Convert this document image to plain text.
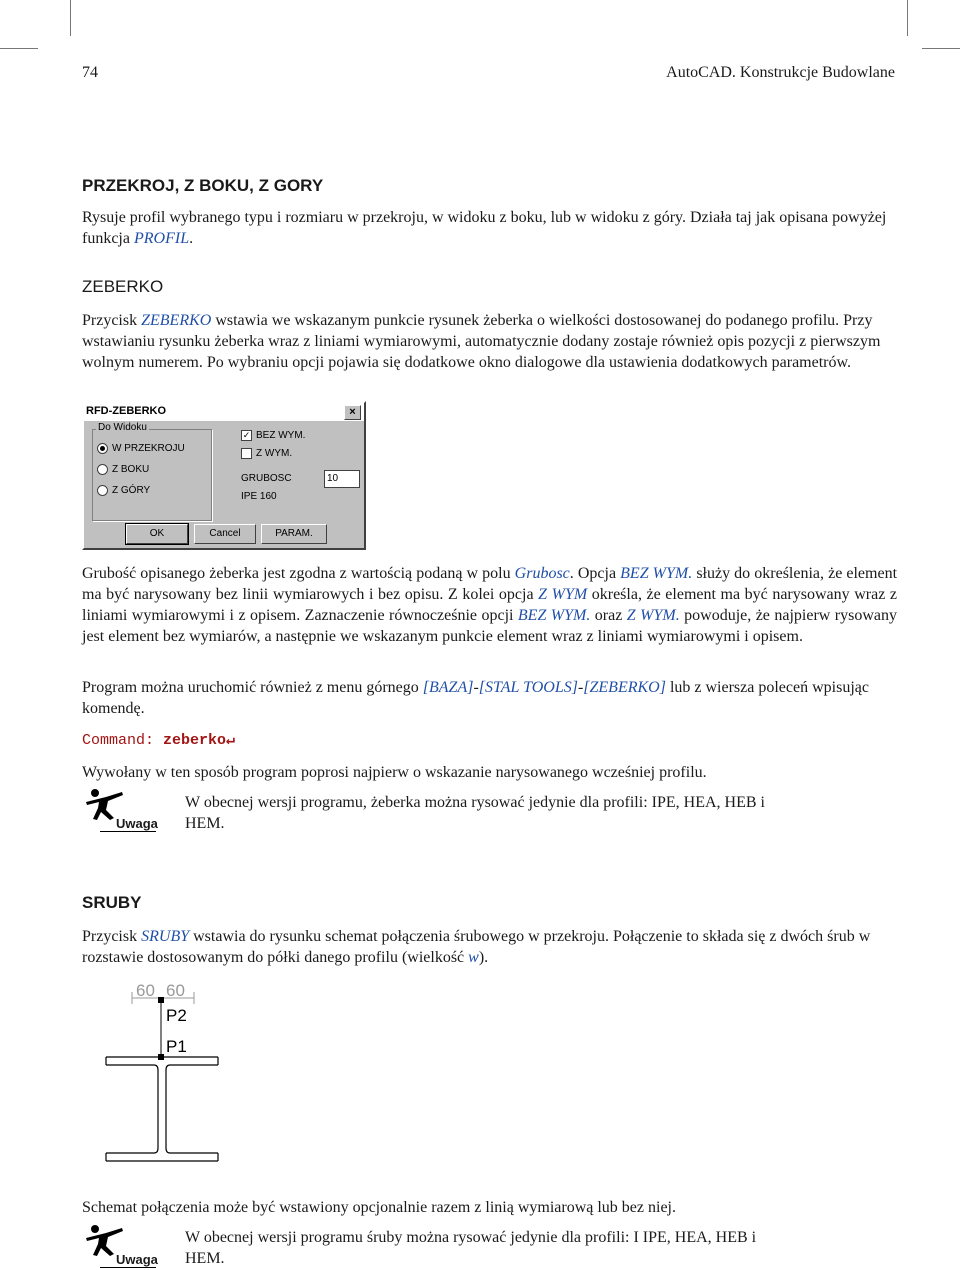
74	AutoCAD. Konstrukcje Budowlane
PRZEKROJ, Z BOKU, Z GORY
Rysuje profil wybranego typu i rozmiaru w przekroju, w widoku z boku, lub w widoku z góry. Działa taj jak opisana powyżej funkcja PROFIL.
ZEBERKO
Przycisk ZEBERKO wstawia we wskazanym punkcie rysunek żeberka o wielkości dostosowanej do podanego profilu. Przy wstawianiu rysunku żeberka wraz z liniami wymiarowymi, automatycznie dodany zostaje również opis pozycji z pierwszym wolnym numerem. Po wybraniu opcji pojawia się dodatkowe okno dialogowe dla ustawienia dodatkowych parametrów.
RFD-ZEBERKO	×
Do Widoku
W PRZEKROJU
Z BOKU
Z GÓRY
✓ BEZ WYM.
Z WYM.
GRUBOSC	10
IPE 160
OK	Cancel	PARAM.
Grubość opisanego żeberka jest zgodna z wartością podaną w polu Grubosc. Opcja BEZ WYM. służy do określenia, że element ma być narysowany bez linii wymiarowych i bez opisu. Z kolei opcja Z WYM określa, że element ma być narysowany wraz z liniami wymiarowymi i z opisem. Zaznaczenie równocześnie opcji BEZ WYM. oraz Z WYM. powoduje, że najpierw rysowany jest element bez wymiarów, a następnie we wskazanym punkcie element wraz z liniami wymiarowymi i opisem.
Program można uruchomić również z menu górnego [BAZA]-[STAL TOOLS]-[ZEBERKO] lub z wiersza poleceń wpisując komendę.
Command: zeberko↵
Wywołany w ten sposób program poprosi najpierw o wskazanie narysowanego wcześniej profilu.
Uwaga
W obecnej wersji programu, żeberka można rysować jedynie dla profili: IPE, HEA, HEB i HEM.
SRUBY
Przycisk SRUBY wstawia do rysunku schemat połączenia śrubowego w przekroju. Połączenie to składa się z dwóch śrub w rozstawie dostosowanym do półki danego profilu (wielkość w).
60 60
P2
P1
Schemat połączenia może być wstawiony opcjonalnie razem z linią wymiarową lub bez niej.
Uwaga
W obecnej wersji programu śruby można rysować jedynie dla profili: I IPE, HEA, HEB i HEM.
